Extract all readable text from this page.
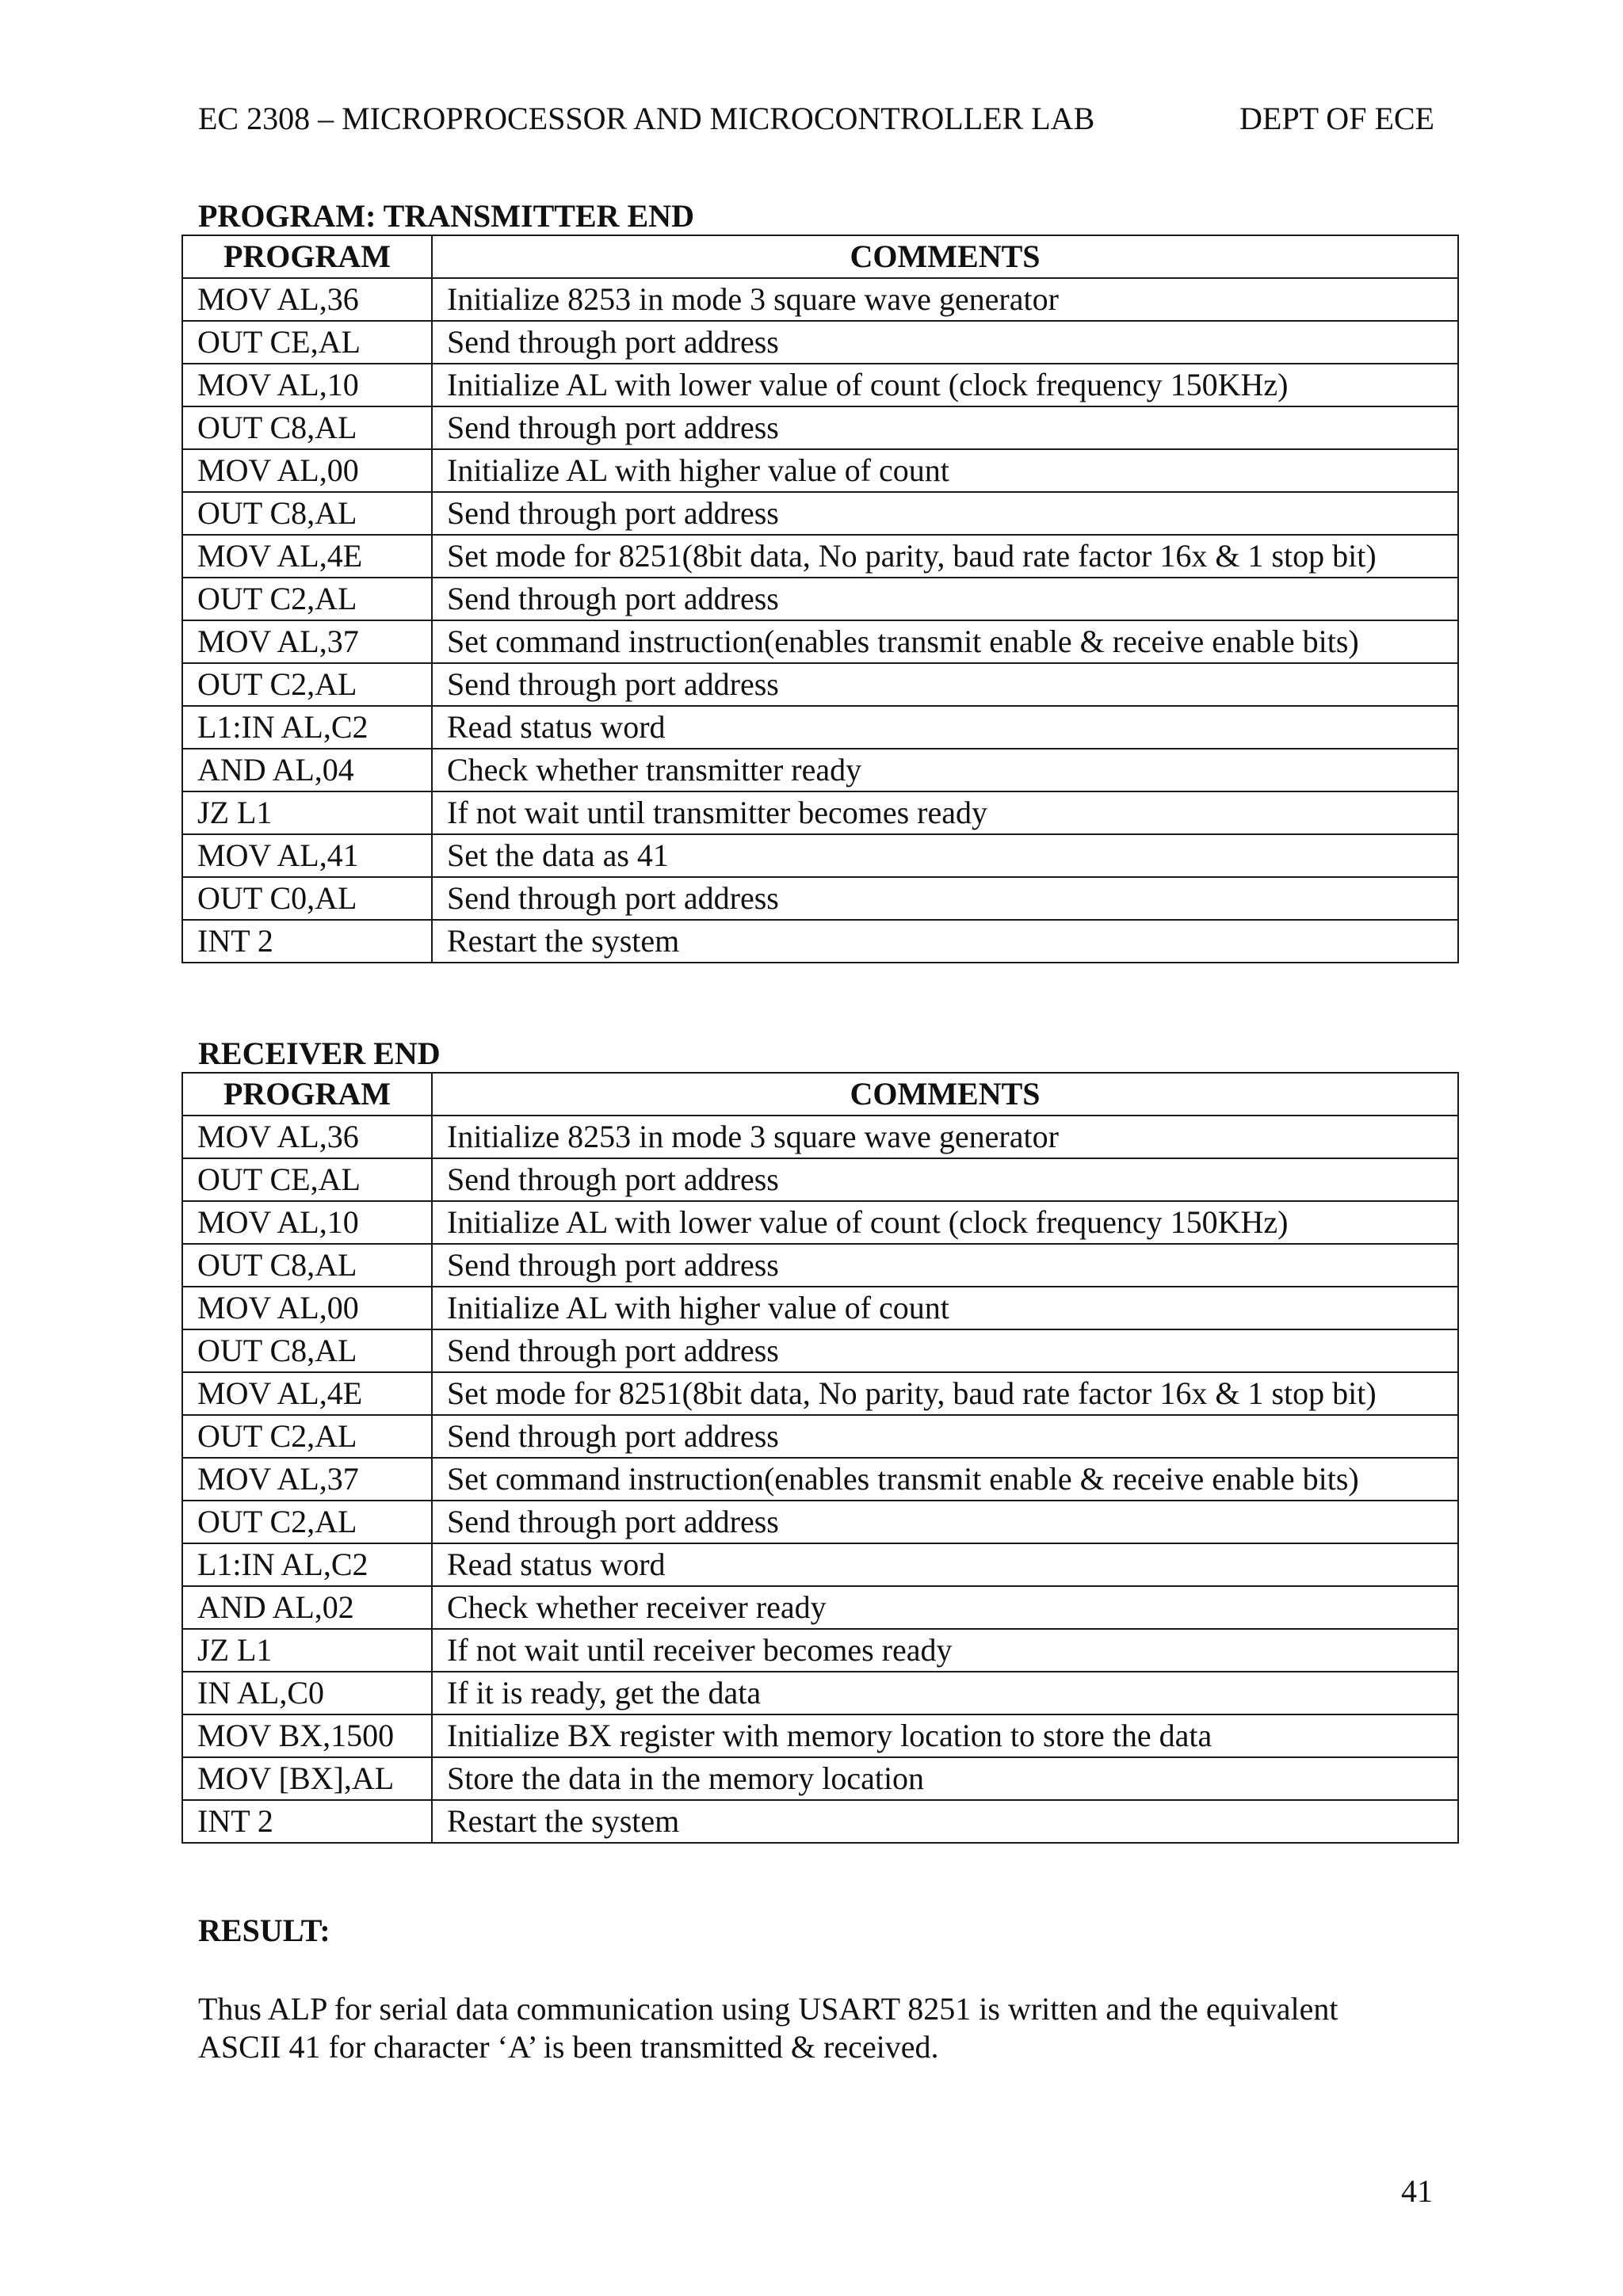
EC 2308 – MICROPROCESSOR AND MICROCONTROLLER LAB	DEPT OF ECE
PROGRAM: TRANSMITTER END
PROGRAM	COMMENTS
MOV AL,36	Initialize 8253 in mode 3 square wave generator
OUT CE,AL	Send through port address
MOV AL,10	Initialize AL with lower value of count (clock frequency 150KHz)
OUT C8,AL	Send through port address
MOV AL,00	Initialize AL with higher value of count
OUT C8,AL	Send through port address
MOV AL,4E	Set mode for 8251(8bit data, No parity, baud rate factor 16x & 1 stop bit)
OUT C2,AL	Send through port address
MOV AL,37	Set command instruction(enables transmit enable & receive enable bits)
OUT C2,AL	Send through port address
L1:IN AL,C2	Read status word
AND AL,04	Check whether transmitter ready
JZ L1	If not wait until transmitter becomes ready
MOV AL,41	Set the data as 41
OUT C0,AL	Send through port address
INT 2	Restart the system
RECEIVER END
PROGRAM	COMMENTS
MOV AL,36	Initialize 8253 in mode 3 square wave generator
OUT CE,AL	Send through port address
MOV AL,10	Initialize AL with lower value of count (clock frequency 150KHz)
OUT C8,AL	Send through port address
MOV AL,00	Initialize AL with higher value of count
OUT C8,AL	Send through port address
MOV AL,4E	Set mode for 8251(8bit data, No parity, baud rate factor 16x & 1 stop bit)
OUT C2,AL	Send through port address
MOV AL,37	Set command instruction(enables transmit enable & receive enable bits)
OUT C2,AL	Send through port address
L1:IN AL,C2	Read status word
AND AL,02	Check whether receiver ready
JZ L1	If not wait until receiver becomes ready
IN AL,C0	If it is ready, get the data
MOV BX,1500	Initialize BX register with memory location to store the data
MOV [BX],AL	Store the data in the memory location
INT 2	Restart the system
RESULT:

Thus ALP for serial data communication using USART 8251 is written and the equivalent

ASCII 41 for character ‘A’ is been transmitted & received.

41
